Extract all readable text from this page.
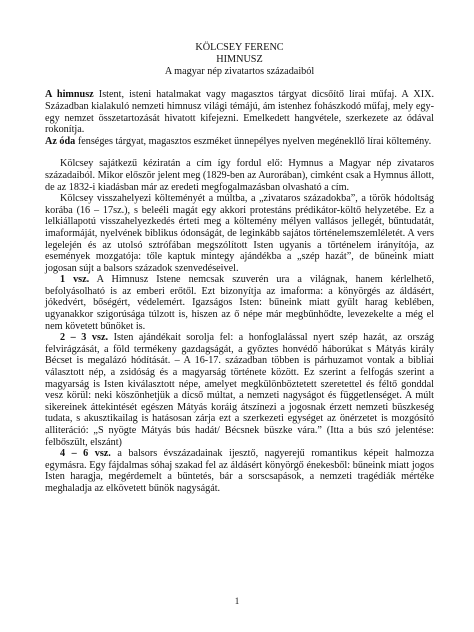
KÖLCSEY FERENC
HIMNUSZ
A magyar nép zivatartos századaiból

A himnusz Istent, isteni hatalmakat vagy magasztos tárgyat dicsőítő lírai műfaj. A XIX. Században kialakuló nemzeti himnusz világi témájú, ám istenhez fohászkodó műfaj, mely egy-egy nemzet összetartozását hivatott kifejezni. Emelkedett hangvétele, szerkezete az ódával rokonítja.

Az óda fenséges tárgyat, magasztos eszméket ünnepélyes nyelven megénekllő lírai költemény.

Kölcsey sajátkezű kéziratán a cím így fordul elő: Hymnus a Magyar nép zivataros századaiból. Mikor először jelent meg (1829-ben az Aurorában), cimként csak a Hymnus állott, de az 1832-i kiadásban már az eredeti megfogalmazásban olvasható a cím.

Kölcsey visszahelyezi költeményét a múltba, a „zivataros századokba”, a török hódoltság korába (16 – 17sz.), s beleéli magát egy akkori protestáns prédikátor-költő helyzetébe. Ez a lelkiállapotú visszahelyezkedés érteti meg a költemény mélyen vallásos jellegét, bűntudatát, imaformáját, nyelvének biblikus ódonságát, de leginkább sajátos történelemszemléletét. A vers legelején és az utolsó sztrófában megszólított Isten ugyanis a történelem irányítója, az események mozgatója: tőle kaptuk mintegy ajándékba a „szép hazát”, de bűneink miatt jogosan sújt a balsors századok szenvedéseivel.

1 vsz. A Himnusz Istene nemcsak szuverén ura a világnak, hanem kérlelhető, befolyásolható is az emberi erőtől. Ezt bizonyítja az imaforma: a könyörgés az áldásért, jókedvért, bőségért, védelemért. Igazságos Isten: bűneink miatt gyűlt harag keblében, ugyanakkor szigorúsága túlzott is, hiszen az ő népe már megbűnhődte, levezekelte a még el nem követett bűnöket is.

2 – 3 vsz. Isten ajándékait sorolja fel: a honfoglalással nyert szép hazát, az ország felvirágzását, a föld termékeny gazdagságát, a győztes honvédő háborúkat s Mátyás király Bécset is megalázó hódítását. – A 16-17. században többen is párhuzamot vontak a bibliai választott nép, a zsidóság és a magyarság története között. Ez szerint a felfogás szerint a magyarság is Isten kiválasztott népe, amelyet megkülönböztetett szeretettel és féltő gonddal vesz körül: neki köszönhetjük a dicső múltat, a nemzeti nagyságot és függetlenséget. A múlt sikereinek áttekintését egészen Mátyás koráig átszínezi a jogosnak érzett nemzeti büszkeség tudata, s akusztikailag is hatásosan zárja ezt a szerkezeti egységet az önérzetet is mozgósító alliteráció: „S nyögte Mátyás bús hadát/ Bécsnek büszke vára.” (Itta a bús szó jelentése: felbőszült, elszánt)

4 – 6 vsz. a balsors évszázadainak ijesztő, nagyerejű romantikus képeit halmozza egymásra. Egy fájdalmas sóhaj szakad fel az áldásért könyörgő énekesből: bűneink miatt jogos Isten haragja, megérdemelt a büntetés, bár a sorscsapások, a nemzeti tragédiák mértéke meghaladja az elkövetett bűnök nagyságát.

1
